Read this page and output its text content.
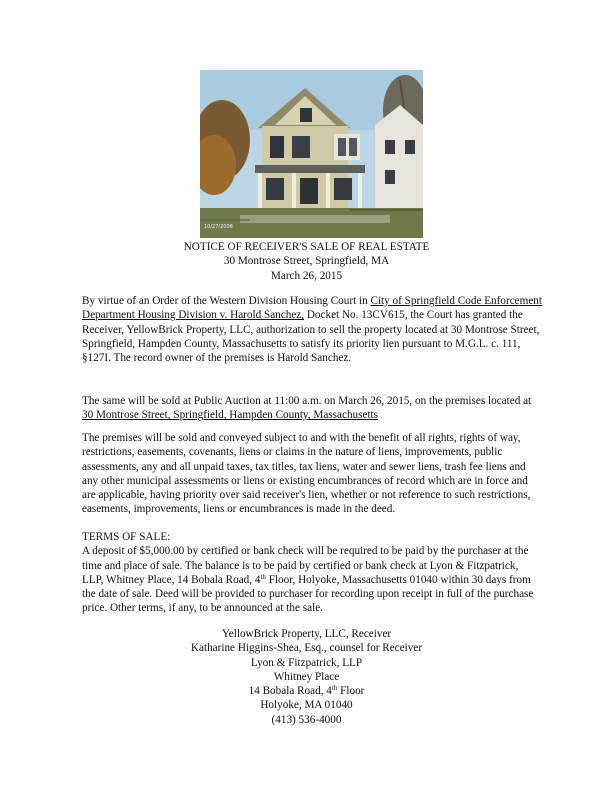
10/27/2008
NOTICE OF RECEIVER'S SALE OF REAL ESTATE
30 Montrose Street, Springfield, MA
March 26, 2015
By virtue of an Order of the Western Division Housing Court in City of Springfield Code Enforcement Department Housing Division v. Harold Sanchez, Docket No. 13CV615, the Court has granted the Receiver, YellowBrick Property, LLC, authorization to sell the property located at 30 Montrose Street, Springfield, Hampden County, Massachusetts to satisfy its priority lien pursuant to M.G.L. c. 111, §127I. The record owner of the premises is Harold Sanchez.
The same will be sold at Public Auction at 11:00 a.m. on March 26, 2015, on the premises located at 30 Montrose Street, Springfield, Hampden County, Massachusetts
The premises will be sold and conveyed subject to and with the benefit of all rights, rights of way, restrictions, easements, covenants, liens or claims in the nature of liens, improvements, public assessments, any and all unpaid taxes, tax titles, tax liens, water and sewer liens, trash fee liens and any other municipal assessments or liens or existing encumbrances of record which are in force and are applicable, having priority over said receiver's lien, whether or not reference to such restrictions, easements, improvements, liens or encumbrances is made in the deed.
TERMS OF SALE:
A deposit of $5,000.00 by certified or bank check will be required to be paid by the purchaser at the time and place of sale. The balance is to be paid by certified or bank check at Lyon & Fitzpatrick, LLP, Whitney Place, 14 Bobala Road, 4th Floor, Holyoke, Massachusetts 01040 within 30 days from the date of sale. Deed will be provided to purchaser for recording upon receipt in full of the purchase price. Other terms, if any, to be announced at the sale.
YellowBrick Property, LLC, Receiver
Katharine Higgins-Shea, Esq., counsel for Receiver
Lyon & Fitzpatrick, LLP
Whitney Place
14 Bobala Road, 4th Floor
Holyoke, MA 01040
(413) 536-4000
